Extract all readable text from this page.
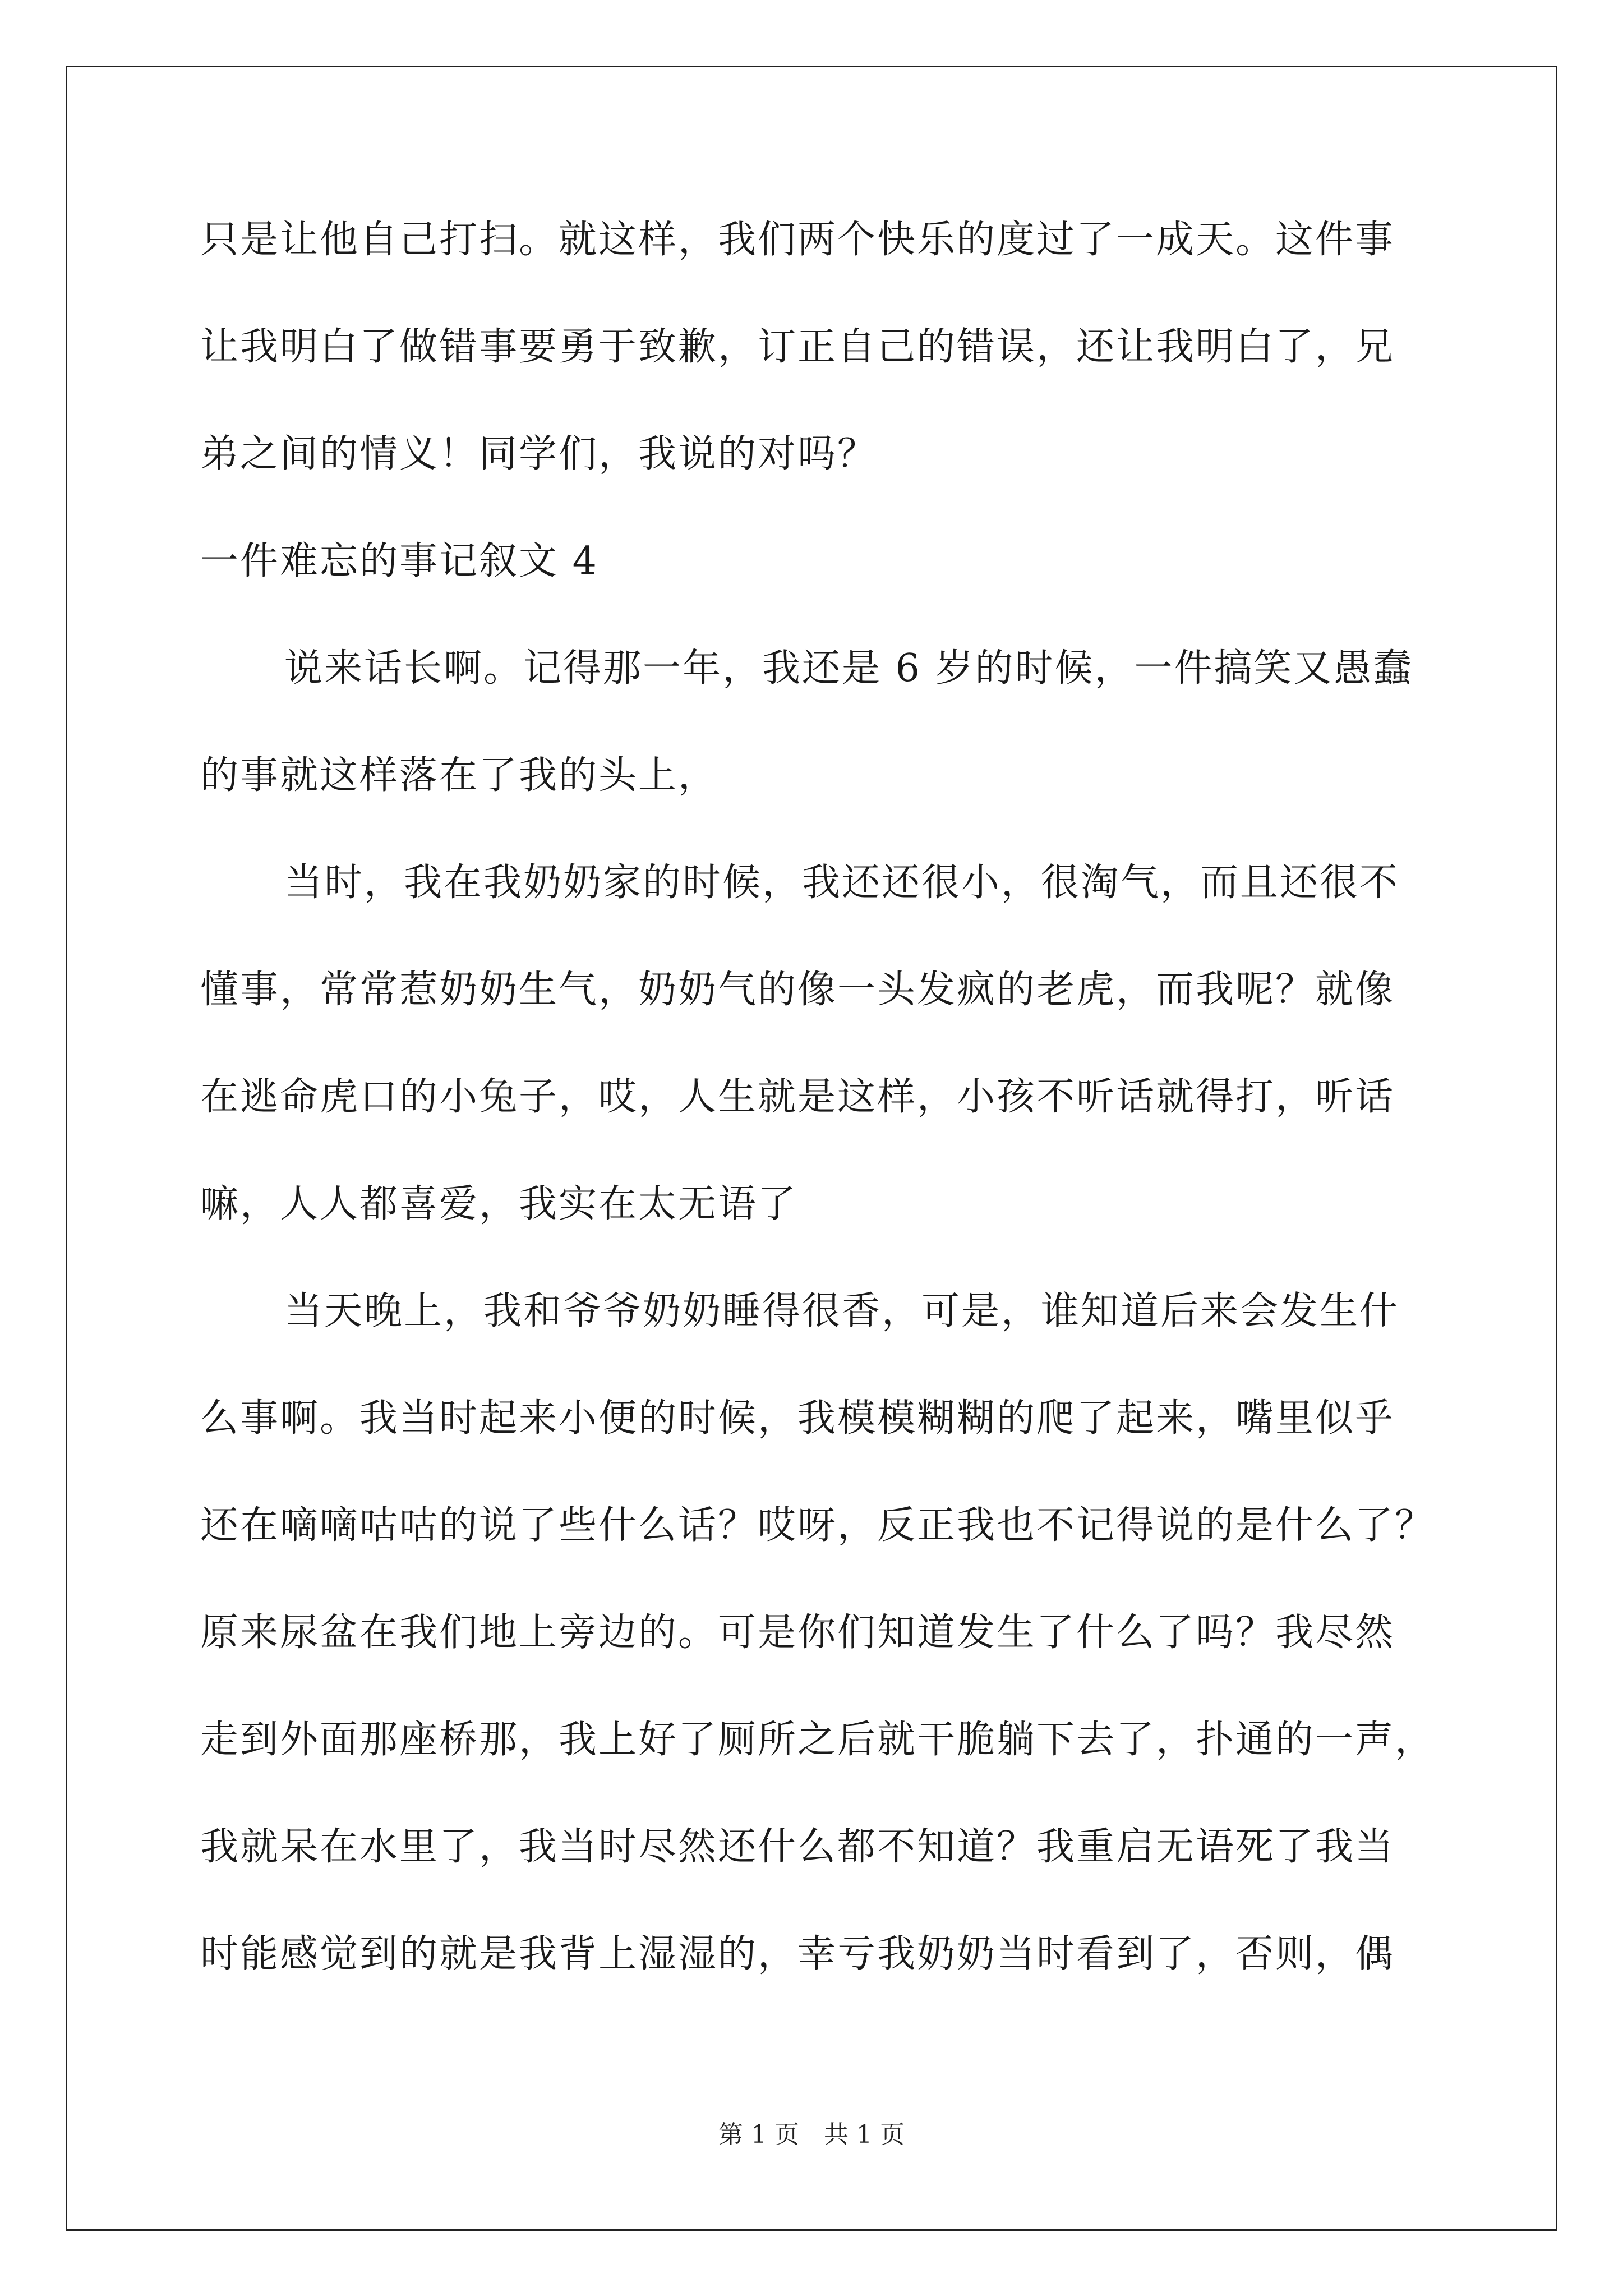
只是让他自己打扫。就这样，我们两个快乐的度过了一成天。这件事
让我明白了做错事要勇于致歉，订正自己的错误，还让我明白了，兄
弟之间的情义！同学们，我说的对吗？
一件难忘的事记叙文 4
说来话长啊。记得那一年，我还是 6 岁的时候，一件搞笑又愚蠢
的事就这样落在了我的头上，
当时，我在我奶奶家的时候，我还还很小，很淘气，而且还很不
懂事，常常惹奶奶生气，奶奶气的像一头发疯的老虎，而我呢？就像
在逃命虎口的小兔子，哎，人生就是这样，小孩不听话就得打，听话
嘛，人人都喜爱，我实在太无语了
当天晚上，我和爷爷奶奶睡得很香，可是，谁知道后来会发生什
么事啊。我当时起来小便的时候，我模模糊糊的爬了起来，嘴里似乎
还在嘀嘀咕咕的说了些什么话？哎呀，反正我也不记得说的是什么了？
原来尿盆在我们地上旁边的。可是你们知道发生了什么了吗？我尽然
走到外面那座桥那，我上好了厕所之后就干脆躺下去了，扑通的一声，
我就呆在水里了，我当时尽然还什么都不知道？我重启无语死了我当
时能感觉到的就是我背上湿湿的，幸亏我奶奶当时看到了，否则，偶
第 1 页　共 1 页
